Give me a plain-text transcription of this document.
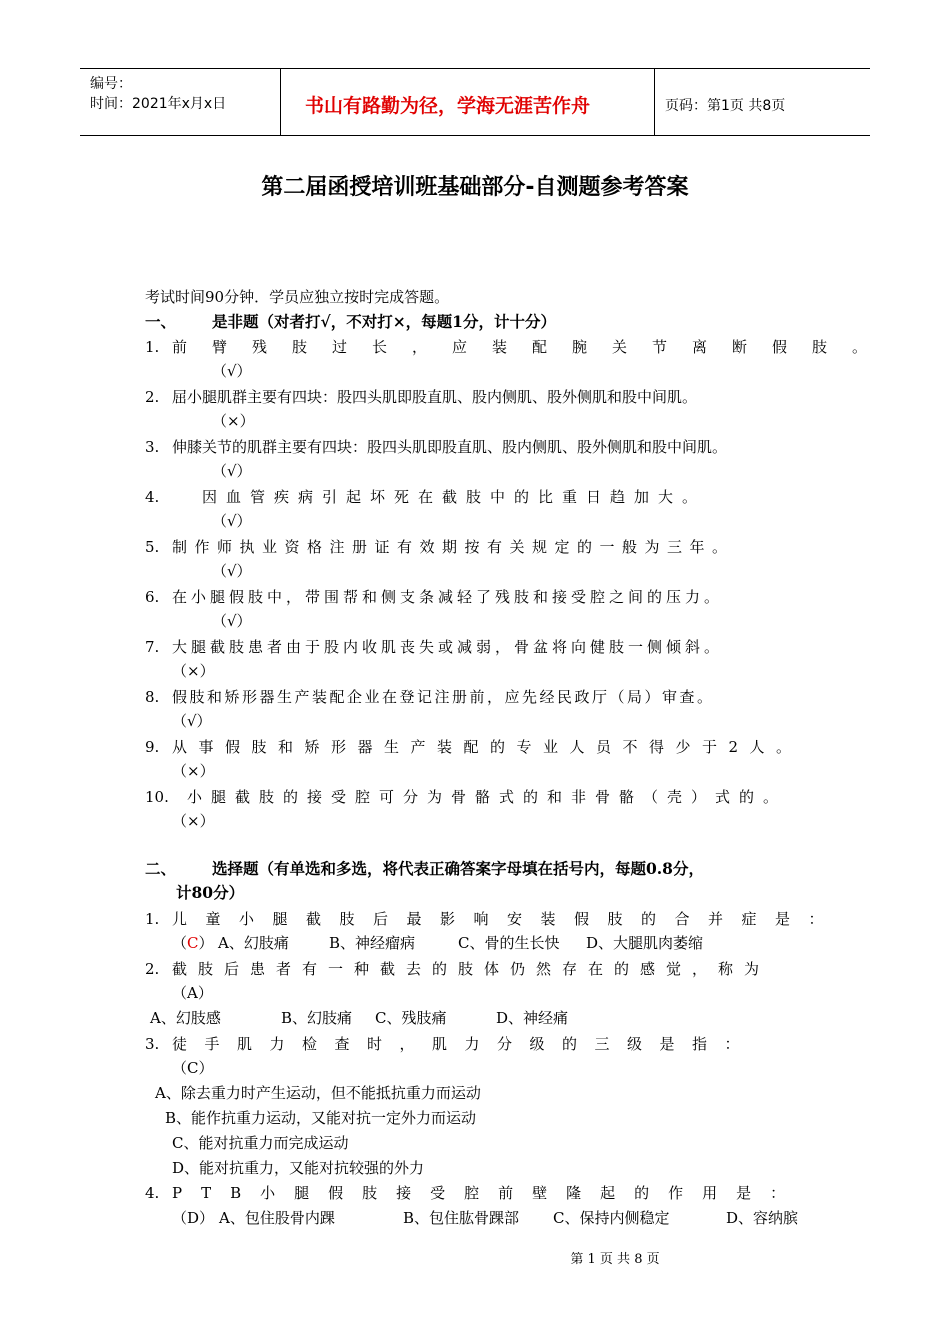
编号：
时间：2021年x月x日	书山有路勤为径，学海无涯苦作舟	页码：第1页 共8页
第二届函授培训班基础部分-自测题参考答案
考试时间90分钟．学员应独立按时完成答题。
一、 是非题（对者打√，不对打×，每题1分，计十分）
1. 前臂残肢过长，应装配腕关节离断假肢。
（√）
2. 屈小腿肌群主要有四块：股四头肌即股直肌、股内侧肌、股外侧肌和股中间肌。
（×）
3. 伸膝关节的肌群主要有四块：股四头肌即股直肌、股内侧肌、股外侧肌和股中间肌。
（√）
4.	因血管疾病引起坏死在截肢中的比重日趋加大。
（√）
5. 制作师执业资格注册证有效期按有关规定的一般为三年。
（√）
6. 在小腿假肢中，带围帮和侧支条减轻了残肢和接受腔之间的压力。
（√）
7. 大腿截肢患者由于股内收肌丧失或减弱，骨盆将向健肢一侧倾斜。
（×）
8. 假肢和矫形器生产装配企业在登记注册前，应先经民政厅（局）审查。
（√）
9. 从事假肢和矫形器生产装配的专业人员不得少于2人。
（×）
10. 小腿截肢的接受腔可分为骨骼式的和非骨骼（壳）式的。
（×）
二、 选择题（有单选和多选，将代表正确答案字母填在括号内，每题0.8分，
计80分）
1. 儿童小腿截肢后最影响安装假肢的合并症是：
（C） A、幻肢痛	B、神经瘤病	C、骨的生长快 D、大腿肌肉萎缩
2. 截肢后患者有一种截去的肢体仍然存在的感觉，称为
（A）
A、幻肢感	B、幻肢痛 C、残肢痛	D、神经痛
3. 徒手肌力检查时，肌力分级的三级是指：
（C）
A、除去重力时产生运动，但不能抵抗重力而运动
B、能作抗重力运动，又能对抗一定外力而运动
C、能对抗重力而完成运动
D、能对抗重力，又能对抗较强的外力
4. PTB小腿假肢接受腔前壁隆起的作用是：
（D） A、包住股骨内踝	B、包住肱骨踝部 C、保持内侧稳定	D、容纳膑
第 1 页 共 8 页
